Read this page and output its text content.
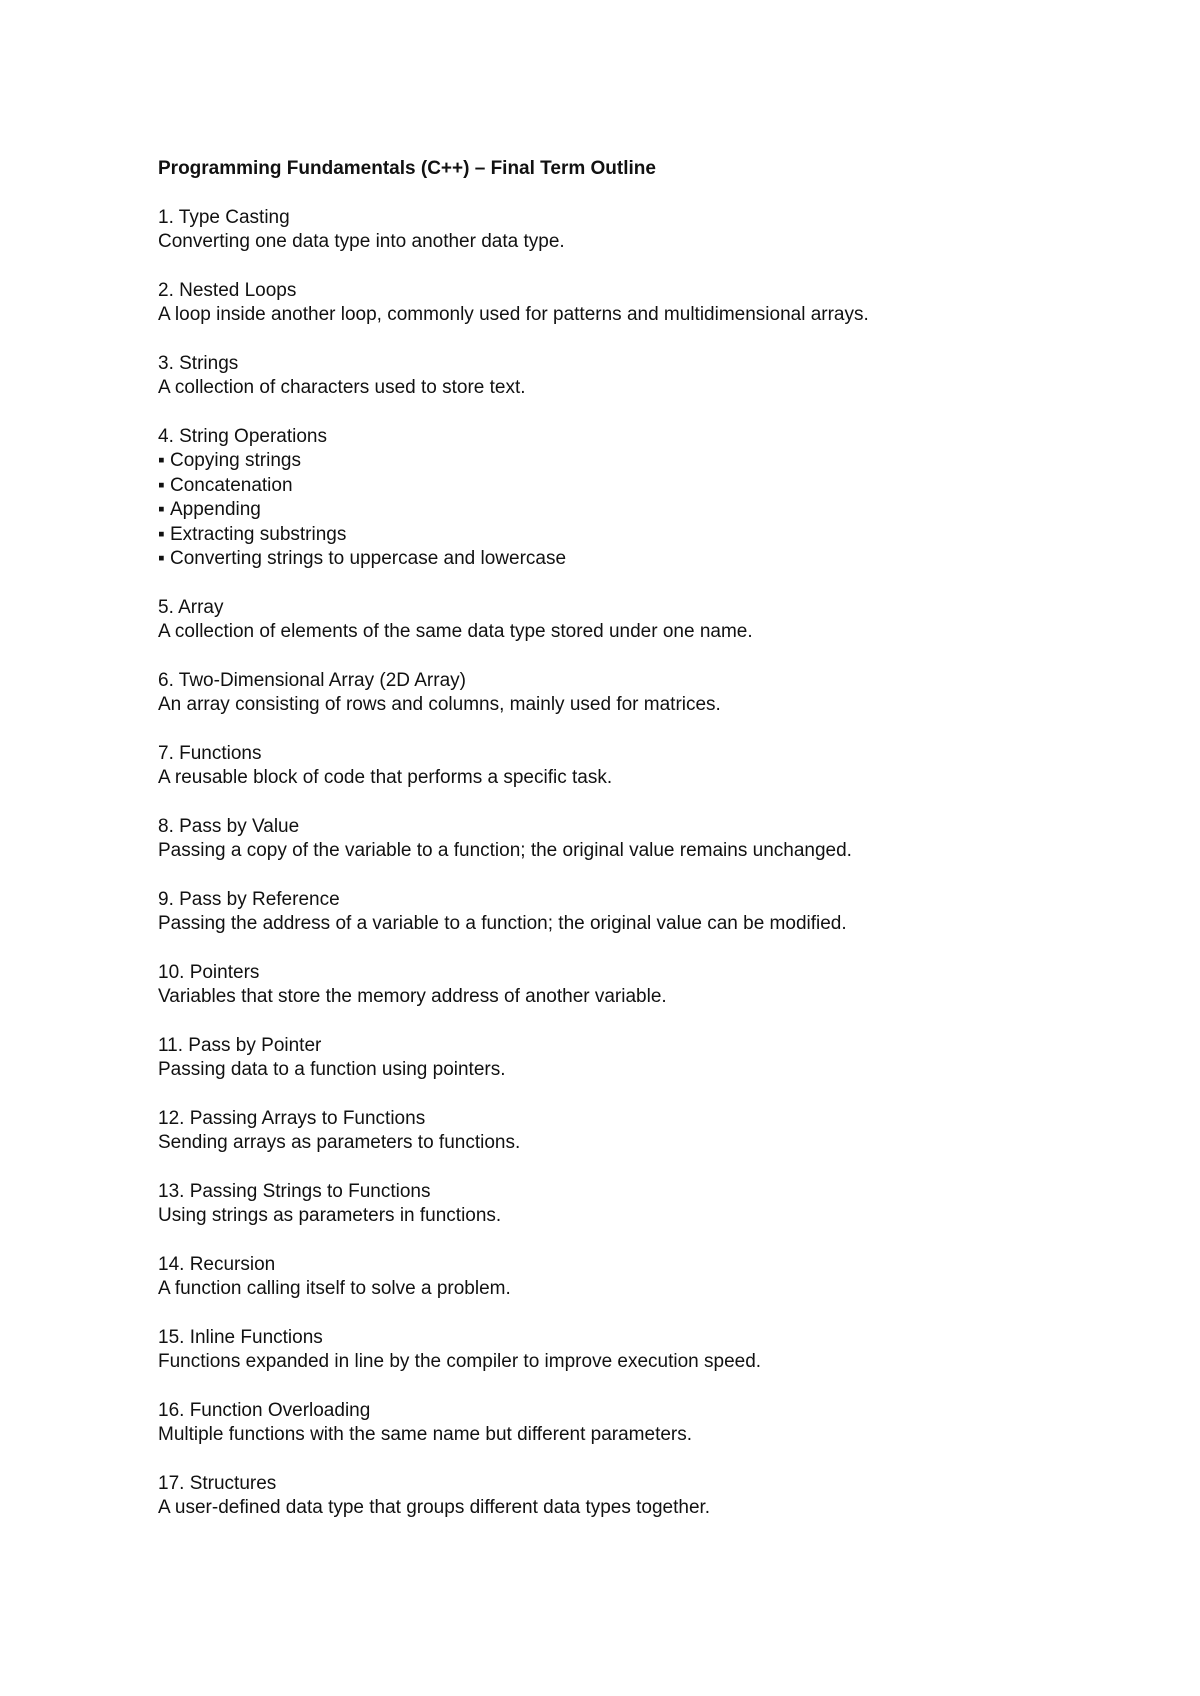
Programming Fundamentals (C++) – Final Term Outline
1. Type Casting
Converting one data type into another data type.
2. Nested Loops
A loop inside another loop, commonly used for patterns and multidimensional arrays.
3. Strings
A collection of characters used to store text.
4. String Operations
▪ Copying strings
▪ Concatenation
▪ Appending
▪ Extracting substrings
▪ Converting strings to uppercase and lowercase
5. Array
A collection of elements of the same data type stored under one name.
6. Two-Dimensional Array (2D Array)
An array consisting of rows and columns, mainly used for matrices.
7. Functions
A reusable block of code that performs a specific task.
8. Pass by Value
Passing a copy of the variable to a function; the original value remains unchanged.
9. Pass by Reference
Passing the address of a variable to a function; the original value can be modified.
10. Pointers
Variables that store the memory address of another variable.
11. Pass by Pointer
Passing data to a function using pointers.
12. Passing Arrays to Functions
Sending arrays as parameters to functions.
13. Passing Strings to Functions
Using strings as parameters in functions.
14. Recursion
A function calling itself to solve a problem.
15. Inline Functions
Functions expanded in line by the compiler to improve execution speed.
16. Function Overloading
Multiple functions with the same name but different parameters.
17. Structures
A user-defined data type that groups different data types together.
